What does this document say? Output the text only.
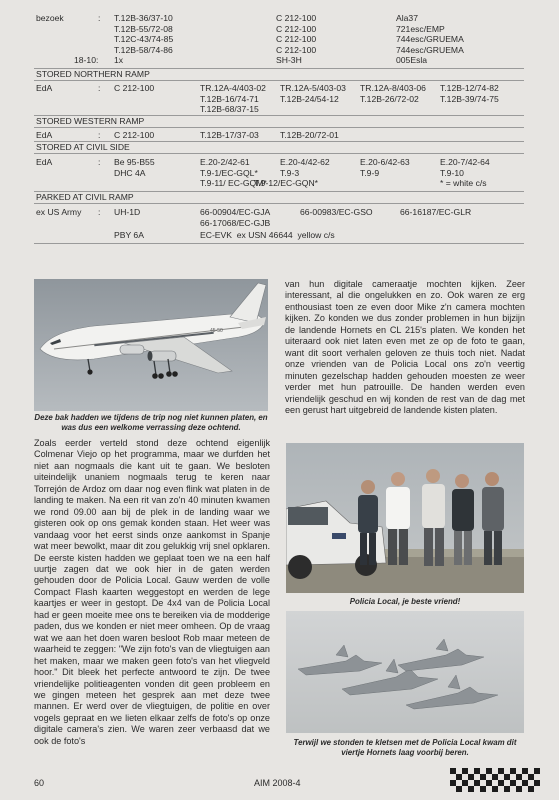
bezoek	: T.12B-36/37-10	C 212-100	Ala37
T.12B-55/72-08	C 212-100	721esc/EMP
T.12C-43/74-85	C 212-100	744esc/GRUEMA
T.12B-58/74-86	C 212-100	744esc/GRUEMA
18-10: 1x	SH-3H	005Esla
STORED NORTHERN RAMP
EdA	: C 212-100	TR.12A-4/403-02 TR.12A-5/403-03 TR.12A-8/403-06 T.12B-12/74-82
T.12B-16/74-71 T.12B-24/54-12 T.12B-26/72-02 T.12B-39/74-75
T.12B-68/37-15
STORED WESTERN RAMP
EdA	: C 212-100	T.12B-17/37-03 T.12B-20/72-01
STORED AT CIVIL SIDE
EdA	: Be 95-B55	E.20-2/42-61	E.20-4/42-62	E.20-6/42-63	E.20-7/42-64
DHC 4A	T.9-1/EC-GQL*	T.9-3	T.9-9	T.9-10
T.9-11/ EC-GQM*
T.9-12/EC-GQN*	* = white c/s
PARKED AT CIVIL RAMP
ex US Army : UH-1D	66-00904/EC-GJA	66-00983/EC-GSO	66-16187/EC-GLR
66-17068/EC-GJB
PBY 6A	EC-EVK  ex USN 46644  yellow c/s
45-50
Deze bak hadden we tijdens de trip nog niet kunnen platen, en was dus een welkome verrassing deze ochtend.

Zoals eerder verteld stond deze ochtend eigenlijk Colmenar Viejo op het programma, maar we durfden het niet aan nogmaals die kant uit te gaan. We besloten uiteindelijk unaniem nogmaals terug te keren naar Torrejón de Ardoz om daar nog even flink wat platen in de landing te maken. Na een rit van zo'n 40 minuten kwamen we rond 09.00 aan bij de plek in de landing waar we gisteren ook op ons gemak konden staan. Het weer was vandaag voor het eerst sinds onze aankomst in Spanje wat meer bewolkt, maar dit zou gelukkig vrij snel opklaren. De eerste kisten hadden we geplaat toen we na een half uurtje zagen dat we ook hier in de gaten werden gehouden door de Policia Local. Gauw werden de volle Compact Flash kaarten weggestopt en werden de lege kaartjes er weer in gestopt. De 4x4 van de Policia Local had er geen moeite mee ons te bereiken via de modderige paden, dus we konden er niet meer omheen. Op de vraag wat we aan het doen waren besloot Rob maar meteen de waarheid te zeggen: "We zijn foto's van de vliegtuigen aan het maken, maar we maken geen foto's van het vliegveld hoor." Dit bleek het perfecte antwoord te zijn. De twee vriendelijke politieagenten vonden dit geen probleem en we gingen meteen het gesprek aan met deze twee mannen. Er werd over de vliegtuigen, de politie en over vogels gepraat en we lieten elkaar zelfs de foto's op onze digitale camera's zien. We waren zeer verbaasd dat we ook de foto's

van hun digitale cameraatje mochten kijken. Zeer interessant, al die ongelukken en zo. Ook waren ze erg enthousiast toen ze even door Mike z'n camera mochten kijken. Zo konden we dus zonder problemen in hun bijzijn de landende Hornets en CL 215's platen. We konden het uiteraard ook niet laten even met ze op de foto te gaan, want dit soort verhalen geloven ze thuis toch niet. Nadat onze vrienden van de Policia Local ons zo'n veertig minuten gezelschap hadden gehouden moesten ze weer verder met hun patrouille. De handen werden even vriendelijk geschud en wij konden de rest van de dag met een gerust hart uitgebreid de landende kisten platen.

Policia Local, je beste vriend!
Terwijl we stonden te kletsen met de Policia Local kwam dit viertje Hornets laag voorbij beren.
60	AIM 2008-4
